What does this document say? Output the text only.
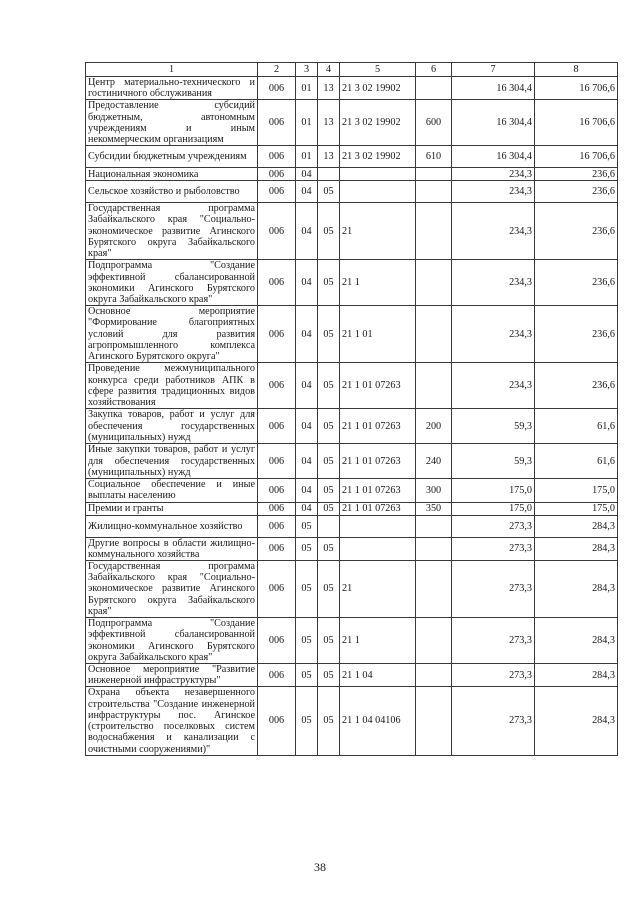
1	2	3	4	5	6	7	8
Центр материально-технического и гостиничного обслуживания	006	01	13	21 3 02 19902		16 304,4	16 706,6
Предоставление субсидий бюджетным, автономным учреждениям и иным некоммерческим организациям	006	01	13	21 3 02 19902	600	16 304,4	16 706,6
Субсидии бюджетным учреждениям	006	01	13	21 3 02 19902	610	16 304,4	16 706,6
Национальная экономика	006	04				234,3	236,6
Сельское хозяйство и рыболовство	006	04	05			234,3	236,6
Государственная программа Забайкальского края "Социально-экономическое развитие Агинского Бурятского округа Забайкальского края"	006	04	05	21		234,3	236,6
Подпрограмма "Создание эффективной сбалансированной экономики Агинского Бурятского округа Забайкальского края"	006	04	05	21 1		234,3	236,6
Основное мероприятие "Формирование благоприятных условий для развития агропромышленного комплекса Агинского Бурятского округа"	006	04	05	21 1 01		234,3	236,6
Проведение межмуниципального конкурса среди работников АПК в сфере развития традиционных видов хозяйствования	006	04	05	21 1 01 07263		234,3	236,6
Закупка товаров, работ и услуг для обеспечения государственных (муниципальных) нужд	006	04	05	21 1 01 07263	200	59,3	61,6
Иные закупки товаров, работ и услуг для обеспечения государственных (муниципальных) нужд	006	04	05	21 1 01 07263	240	59,3	61,6
Социальное обеспечение и иные выплаты населению	006	04	05	21 1 01 07263	300	175,0	175,0
Премии и гранты	006	04	05	21 1 01 07263	350	175,0	175,0
Жилищно-коммунальное хозяйство	006	05				273,3	284,3
Другие вопросы в области жилищно-коммунального хозяйства	006	05	05			273,3	284,3
Государственная программа Забайкальского края "Социально-экономическое развитие Агинского Бурятского округа Забайкальского края"	006	05	05	21		273,3	284,3
Подпрограмма "Создание эффективной сбалансированной экономики Агинского Бурятского округа Забайкальского края"	006	05	05	21 1		273,3	284,3
Основное мероприятие "Развитие инженерной инфраструктуры"	006	05	05	21 1 04		273,3	284,3
Охрана объекта незавершенного строительства "Создание инженерной инфраструктуры пос. Агинское (строительство поселковых систем водоснабжения и канализации с очистными сооружениями)"	006	05	05	21 1 04 04106		273,3	284,3
38
